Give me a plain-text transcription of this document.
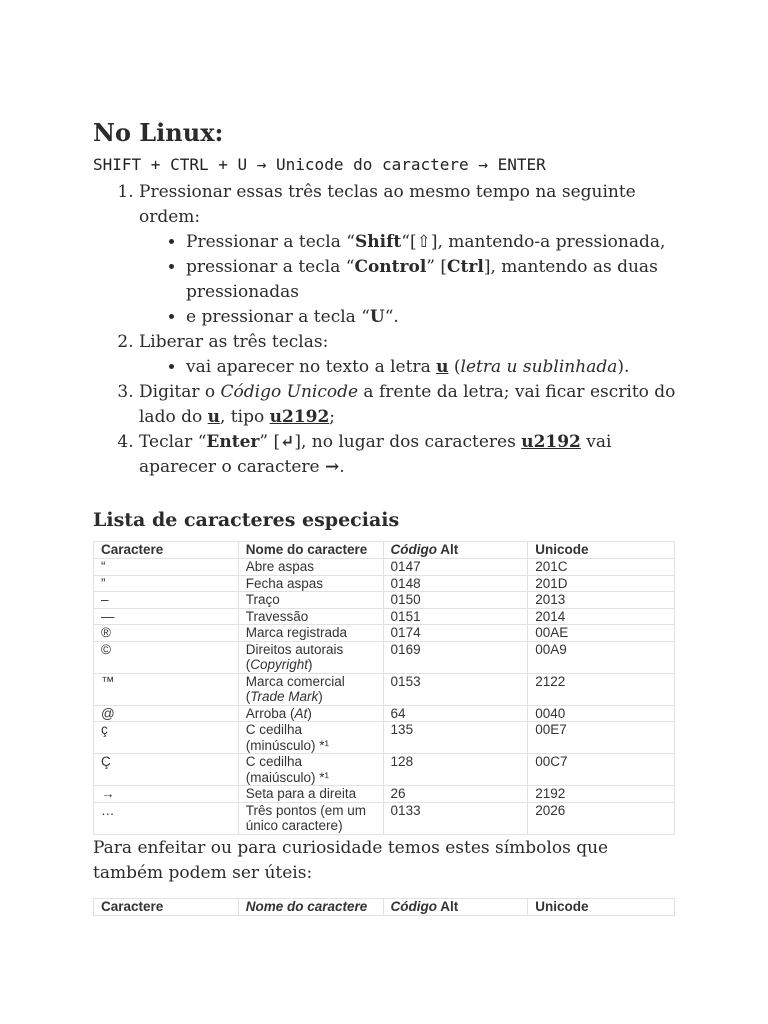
No Linux:
SHIFT + CTRL + U → Unicode do caractere → ENTER
1. Pressionar essas três teclas ao mesmo tempo na seguinte ordem:
• Pressionar a tecla “Shift“[⇧], mantendo-a pressionada,
• pressionar a tecla “Control” [Ctrl], mantendo as duas pressionadas
• e pressionar a tecla “U“.
2. Liberar as três teclas:
• vai aparecer no texto a letra u (letra u sublinhada).
3. Digitar o Código Unicode a frente da letra; vai ficar escrito do lado do u, tipo u2192;
4. Teclar “Enter” [↵], no lugar dos caracteres u2192 vai aparecer o caractere →.
Lista de caracteres especiais
Caractere	Nome do caractere	Código Alt	Unicode
“	Abre aspas	0147	201C
”	Fecha aspas	0148	201D
–	Traço	0150	2013
—	Travessão	0151	2014
®	Marca registrada	0174	00AE
©	Direitos autorais (Copyright)	0169	00A9
™	Marca comercial (Trade Mark)	0153	2122
@	Arroba (At)	64	0040
ç	C cedilha (minúsculo) *¹	135	00E7
Ç	C cedilha (maiúsculo) *¹	128	00C7
→	Seta para a direita	26	2192
…	Três pontos (em um único caractere)	0133	2026

Para enfeitar ou para curiosidade temos estes símbolos que também podem ser úteis:

Caractere	Nome do caractere	Código Alt	Unicode
